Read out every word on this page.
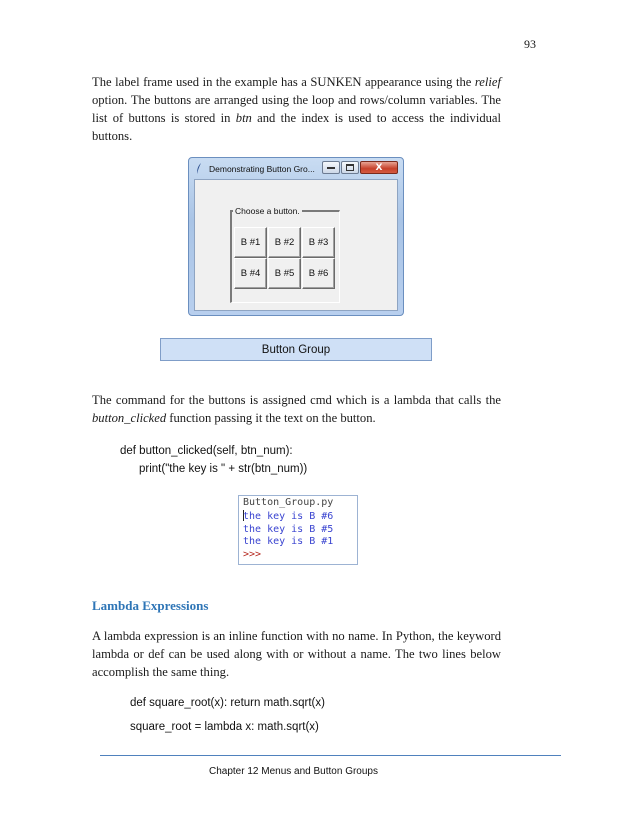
93
The label frame used in the example has a SUNKEN appearance using the relief
option. The buttons are arranged using the loop and rows/column variables. The
list of buttons is stored in btn and the index is used to access the individual
buttons.
Demonstrating Button Gro...	X
Choose a button.
B #1	B #2	B #3
B #4	B #5	B #6
Button Group
The command for the buttons is assigned cmd which is a lambda that calls the
button_clicked function passing it the text on the button.
def button_clicked(self, btn_num):
print("the key is " + str(btn_num))
Button_Group.py
the key is B #6
the key is B #5
the key is B #1
>>>
Lambda Expressions
A lambda expression is an inline function with no name. In Python, the keyword
lambda or def can be used along with or without a name. The two lines below
accomplish the same thing.
def square_root(x): return math.sqrt(x)
square_root = lambda x: math.sqrt(x)
Chapter 12 Menus and Button Groups
